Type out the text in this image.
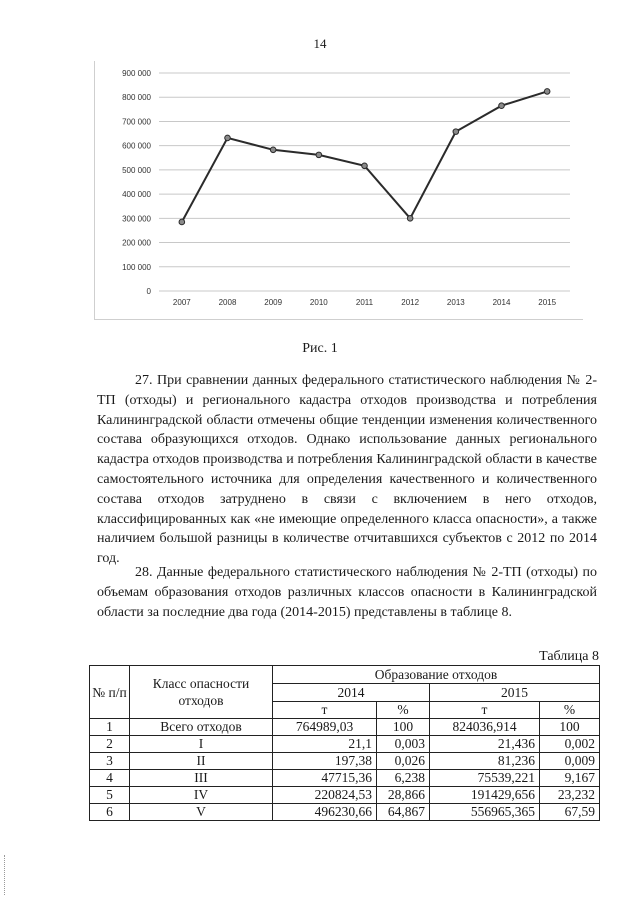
14
0
100 000
200 000
300 000
400 000
500 000
600 000
700 000
800 000
900 000
2007	2008	2009	2010	2011	2012	2013	2014	2015
Рис. 1

27. При сравнении данных федерального статистического наблюдения № 2-ТП (отходы) и регионального кадастра отходов производства и потребления Калининградской области отмечены общие тенденции изменения количественного состава образующихся отходов. Однако использование данных регионального кадастра отходов производства и потребления Калининградской области в качестве самостоятельного источника для определения качественного и количественного состава отходов затруднено в связи с включением в него отходов, классифицированных как «не имеющие определенного класса опасности», а также наличием большой разницы в количестве отчитавшихся субъектов с 2012 по 2014 год.

28. Данные федерального статистического наблюдения № 2-ТП (отходы) по объемам образования отходов различных классов опасности в Калининградской области за последние два года (2014-2015) представлены в таблице 8.

Таблица 8
№ п/п	Класс опасности отходов	Образование отходов			
		2014		2015	
		т	%	т	%
1	Всего отходов	764989,03	100	824036,914	100
2	I	21,1	0,003	21,436	0,002
3	II	197,38	0,026	81,236	0,009
4	III	47715,36	6,238	75539,221	9,167
5	IV	220824,53	28,866	191429,656	23,232
6	V	496230,66	64,867	556965,365	67,59
